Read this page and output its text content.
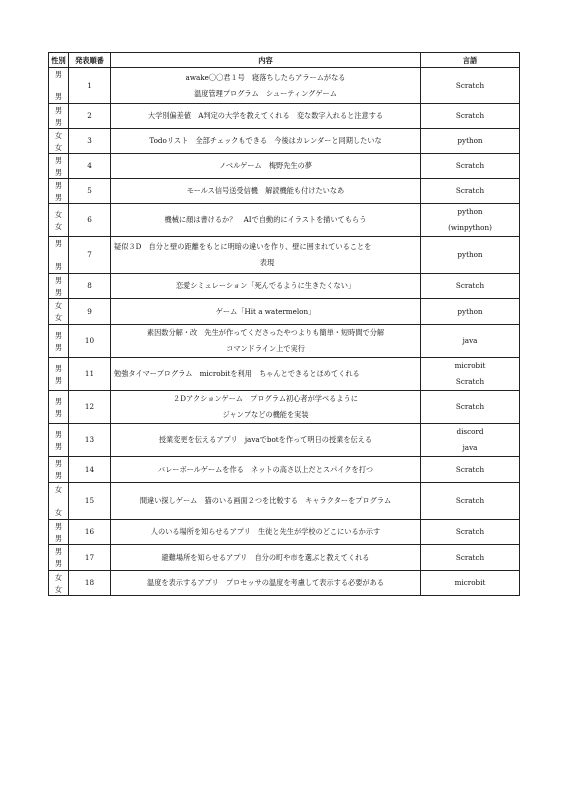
性別	発表順番	内容	言語

男
男	1	awake〇〇君１号　寝落ちしたらアラームがなる
温度管理プログラム　シューティングゲーム	Scratch

男
男	2	大学別偏差値　A判定の大学を教えてくれる　変な数字入れると注意する	Scratch

女
女	3	Todoリスト　全部チェックもできる　今後はカレンダーと同期したいな	python

男
男	4	ノベルゲーム　梅野先生の夢	Scratch

男
男	5	モールス信号送受信機　解読機能も付けたいなあ	Scratch

女
女	6	機械に顔は書けるか？　AIで自動的にイラストを描いてもらう	python
(winpython)

男
男	7	疑似３D　自分と壁の距離をもとに明暗の違いを作り、壁に囲まれていることを
表現	python

男
男	8	恋愛シミュレーション「死んでるように生きたくない」	Scratch

女
女	9	ゲーム「Hit a watermelon」	python

男
男	10	素因数分解・改　先生が作ってくださったやつよりも簡単・短時間で分解
コマンドライン上で実行	java

男
男	11	勉強タイマープログラム　microbitを利用　ちゃんとできるとほめてくれる	microbit
Scratch

男
男	12	２Dアクションゲーム　プログラム初心者が学べるように
ジャンプなどの機能を実装	Scratch

男
男	13	授業変更を伝えるアプリ　javaでbotを作って明日の授業を伝える	discord
java

男
男	14	バレーボールゲームを作る　ネットの高さ以上だとスパイクを打つ	Scratch

女
女	15	間違い探しゲーム　猫のいる画面２つを比較する　キャラクターをプログラム	Scratch

男
男	16	人のいる場所を知らせるアプリ　生徒と先生が学校のどこにいるか示す	Scratch

男
男	17	避難場所を知らせるアプリ　自分の町や市を選ぶと教えてくれる	Scratch

女
女	18	温度を表示するアプリ　プロセッサの温度を考慮して表示する必要がある	microbit
